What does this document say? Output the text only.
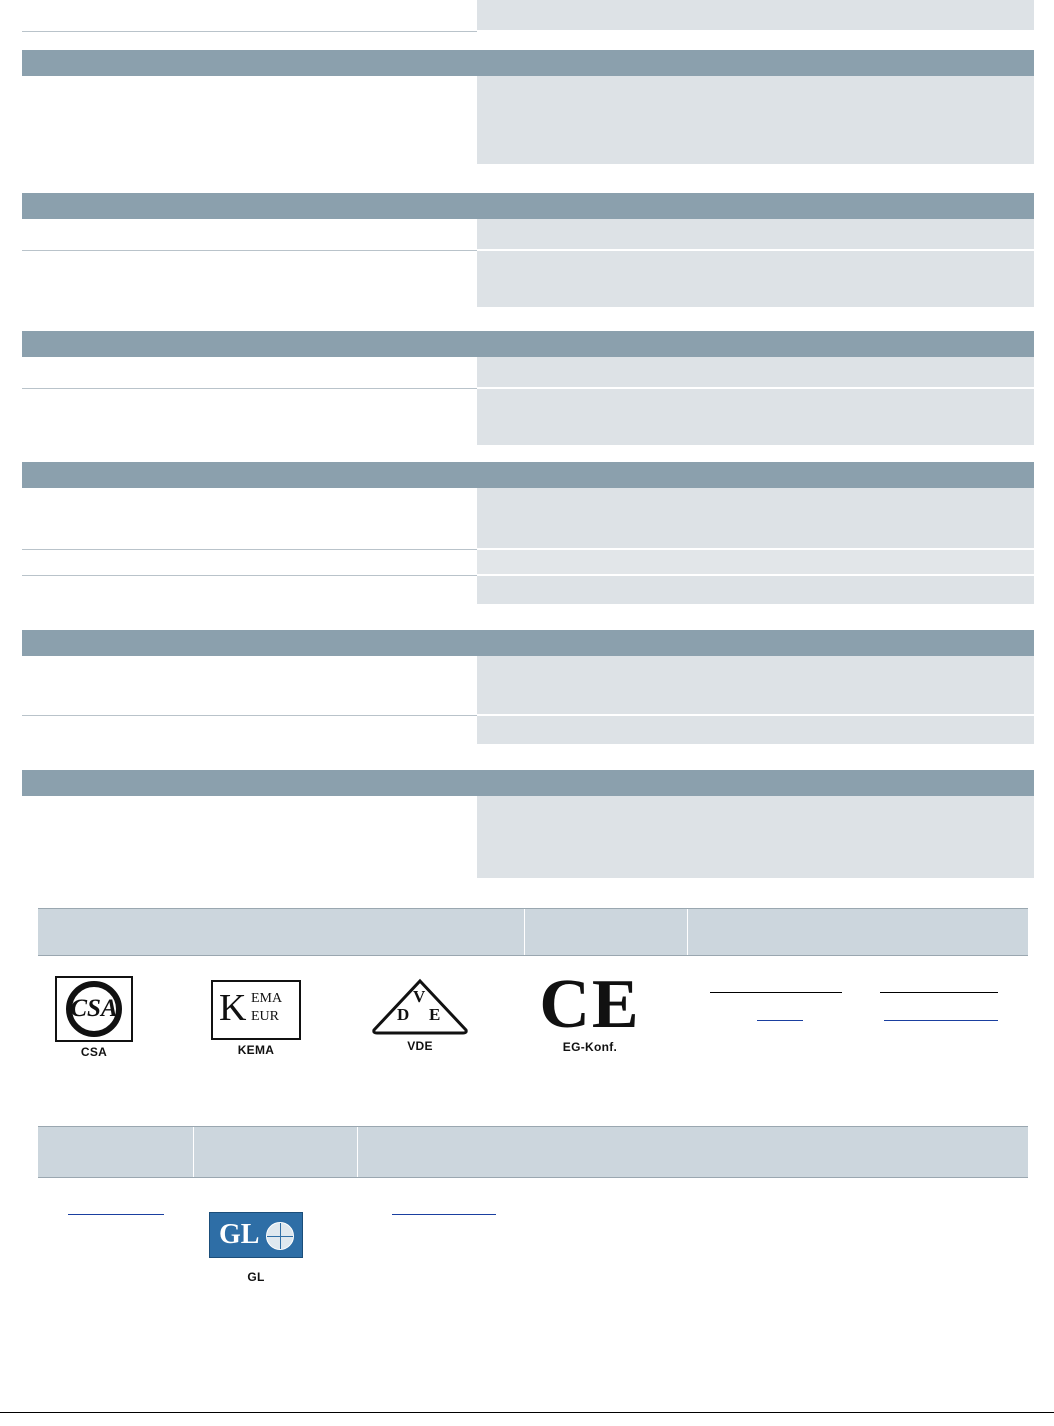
CSA
CSA
K EMA
EUR
KEMA
V
D E
VDE
CE
EG-Konf.
GL
GL
